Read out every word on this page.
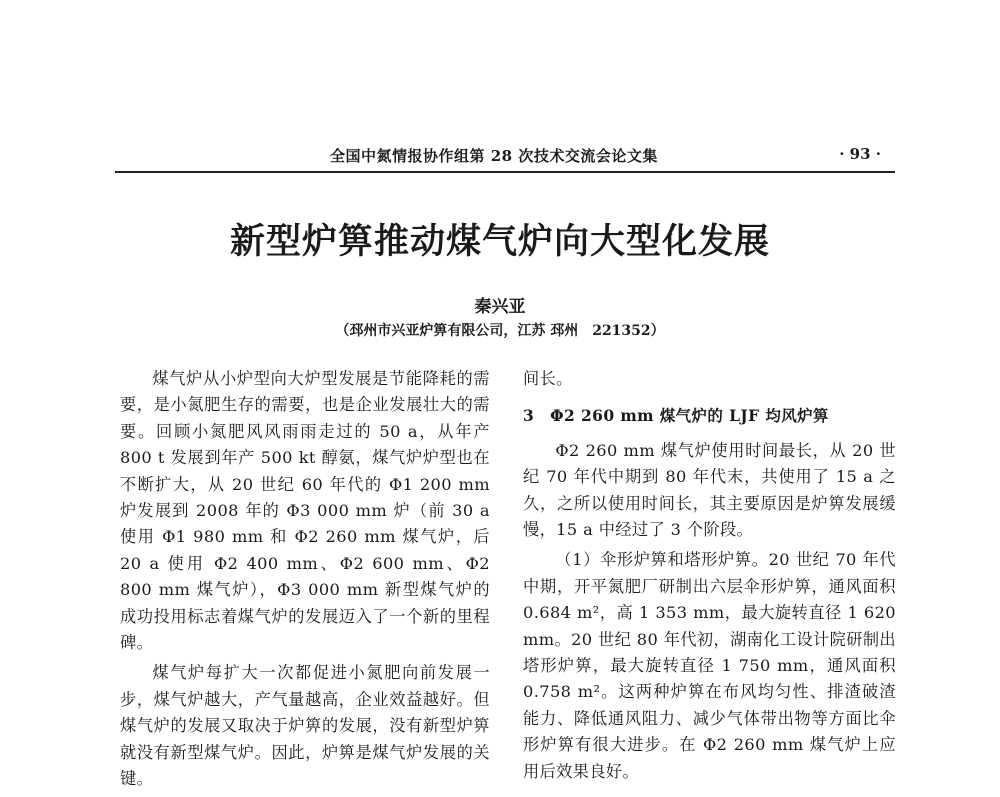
全国中氮情报协作组第 28 次技术交流会论文集	· 93 ·
新型炉箅推动煤气炉向大型化发展
秦兴亚
（邳州市兴亚炉箅有限公司，江苏 邳州　221352）

煤气炉从小炉型向大炉型发展是节能降耗的需要，是小氮肥生存的需要，也是企业发展壮大的需要。回顾小氮肥风风雨雨走过的 50 a，从年产 800 t 发展到年产 500 kt 醇氨，煤气炉炉型也在不断扩大，从 20 世纪 60 年代的 Φ1 200 mm 炉发展到 2008 年的 Φ3 000 mm 炉（前 30 a 使用 Φ1 980 mm 和 Φ2 260 mm 煤气炉，后 20 a 使用 Φ2 400 mm、Φ2 600 mm、Φ2 800 mm 煤气炉），Φ3 000 mm 新型煤气炉的成功投用标志着煤气炉的发展迈入了一个新的里程碑。

煤气炉每扩大一次都促进小氮肥向前发展一步，煤气炉越大，产气量越高，企业效益越好。但煤气炉的发展又取决于炉箅的发展，没有新型炉箅就没有新型煤气炉。因此，炉箅是煤气炉发展的关键。

间长。

3　Φ2 260 mm 煤气炉的 LJF 均风炉箅

Φ2 260 mm 煤气炉使用时间最长，从 20 世纪 70 年代中期到 80 年代末，共使用了 15 a 之久，之所以使用时间长，其主要原因是炉箅发展缓慢，15 a 中经过了 3 个阶段。

（1）伞形炉箅和塔形炉箅。20 世纪 70 年代中期，开平氮肥厂研制出六层伞形炉箅，通风面积 0.684 m²，高 1 353 mm，最大旋转直径 1 620 mm。20 世纪 80 年代初，湖南化工设计院研制出塔形炉箅，最大旋转直径 1 750 mm，通风面积 0.758 m²。这两种炉箅在布风均匀性、排渣破渣能力、降低通风阻力、减少气体带出物等方面比伞形炉箅有很大进步。在 Φ2 260 mm 煤气炉上应用后效果良好。
